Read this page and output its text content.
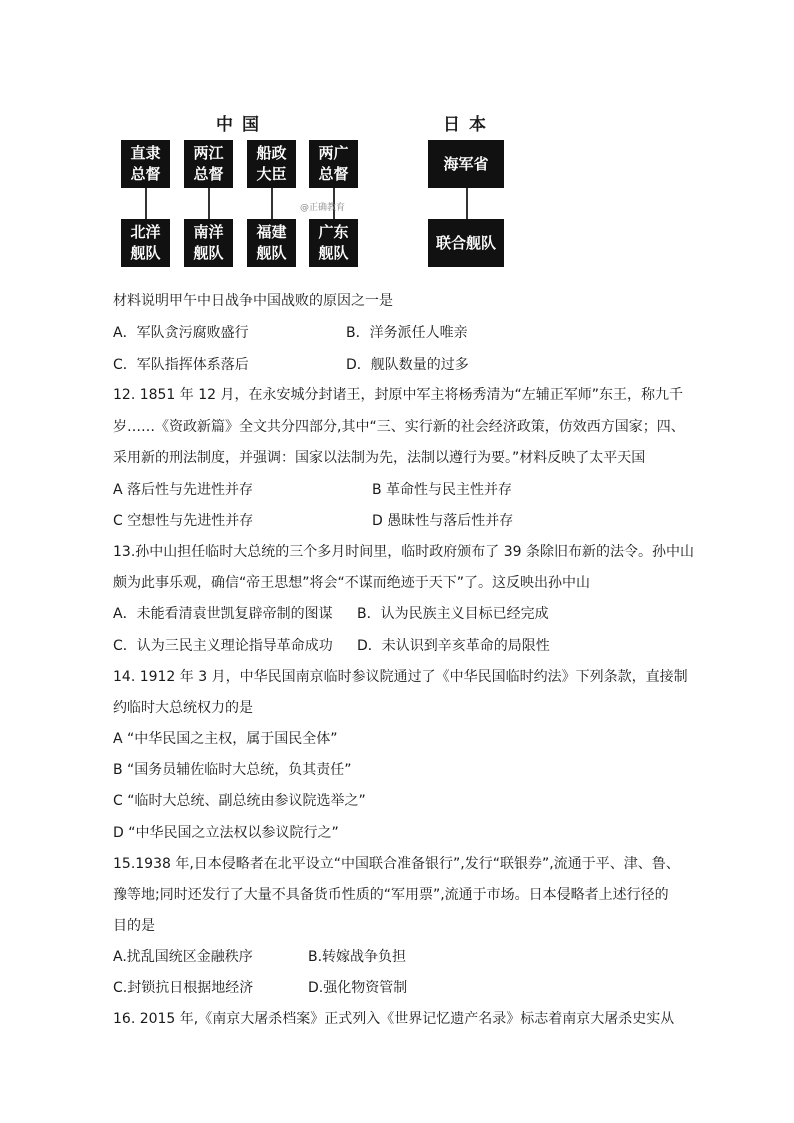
中国	日本
直隶
总督
两江
总督
船政
大臣
两广
总督
@正确教育
北洋
舰队
南洋
舰队
福建
舰队
广东
舰队
海军省
联合舰队
材料说明甲午中日战争中国战败的原因之一是
A．军队贪污腐败盛行	B．洋务派任人唯亲
C．军队指挥体系落后	D．舰队数量的过多
12. 1851 年 12 月，在永安城分封诸王，封原中军主将杨秀清为“左辅正军师”东王，称九千
岁……《资政新篇》全文共分四部分,其中“三、实行新的社会经济政策，仿效西方国家；四、
采用新的刑法制度，并强调：国家以法制为先，法制以遵行为要。”材料反映了太平天国
A 落后性与先进性并存	B 革命性与民主性并存
C 空想性与先进性并存	D 愚昧性与落后性并存
13.孙中山担任临时大总统的三个多月时间里，临时政府颁布了 39 条除旧布新的法令。孙中山
颇为此事乐观，确信“帝王思想”将会“不谋而绝迹于天下”了。这反映出孙中山
A．未能看清袁世凯复辟帝制的图谋 B．认为民族主义目标已经完成
C．认为三民主义理论指导革命成功 D．未认识到辛亥革命的局限性
14. 1912 年 3 月，中华民国南京临时参议院通过了《中华民国临时约法》下列条款，直接制
约临时大总统权力的是
A “中华民国之主权，属于国民全体”
B “国务员辅佐临时大总统，负其责任”
C “临时大总统、副总统由参议院选举之”
D “中华民国之立法权以参议院行之”
15.1938 年,日本侵略者在北平设立“中国联合准备银行”,发行“联银券”,流通于平、津、鲁、
豫等地;同时还发行了大量不具备货币性质的“军用票”,流通于市场。日本侵略者上述行径的
目的是
A.扰乱国统区金融秩序	B.转嫁战争负担
C.封锁抗日根据地经济	D.强化物资管制
16. 2015 年,《南京大屠杀档案》正式列入《世界记忆遗产名录》标志着南京大屠杀史实从
